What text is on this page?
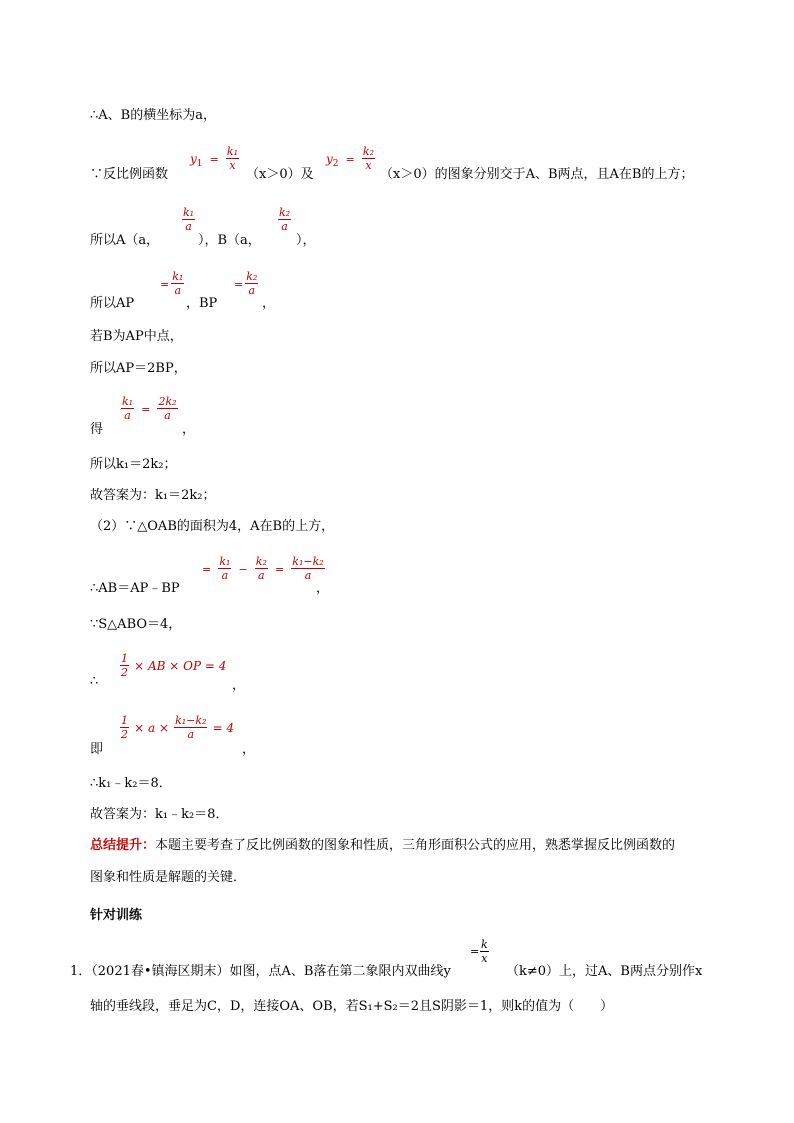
∴A、B的横坐标为a，
∵反比例函数
$y_1 = \frac{\text{k₁}}{x}$
（x＞0）及
$y_2 = \frac{\text{k₂}}{x}$
（x＞0）的图象分别交于A、B两点，且A在B的上方；
所以A（a，
$\frac{\text{k₁}}{a}$
），B（a，
$\frac{\text{k₂}}{a}$
），
所以AP
= $\frac{\text{k₁}}{a}$
，BP
= $\frac{\text{k₂}}{a}$
，
若B为AP中点，
所以AP＝2BP，
得
$\frac{\text{k₁}}{a} = \frac{\text{2k₂}}{a}$
，
所以k₁＝2k₂；
故答案为：k₁＝2k₂；
（2）∵△OAB的面积为4，A在B的上方，
∴AB＝AP﹣BP
= $\frac{\text{k₁}}{a} - \frac{\text{k₂}}{a} = \frac{\text{k₁−k₂}}{a}$
，
∵S△ABO＝4，
∴
$\frac{1}{2}$ × AB × OP = 4
，
即
$\frac{1}{2} \times a \times \frac{\text{k₁−k₂}}{a} = 4$
，
∴k₁﹣k₂＝8．
故答案为：k₁﹣k₂＝8．
总结提升：本题主要考查了反比例函数的图象和性质，三角形面积公式的应用，熟悉掌握反比例函数的
图象和性质是解题的关键．
针对训练
1．（2021春•镇海区期末）如图，点A、B落在第二象限内双曲线y
$\frac{k}{x}$
=
（k≠0）上，过A、B两点分别作x
轴的垂线段，垂足为C，D，连接OA、OB，若S₁+S₂＝2且S阴影＝1，则k的值为（　　）
